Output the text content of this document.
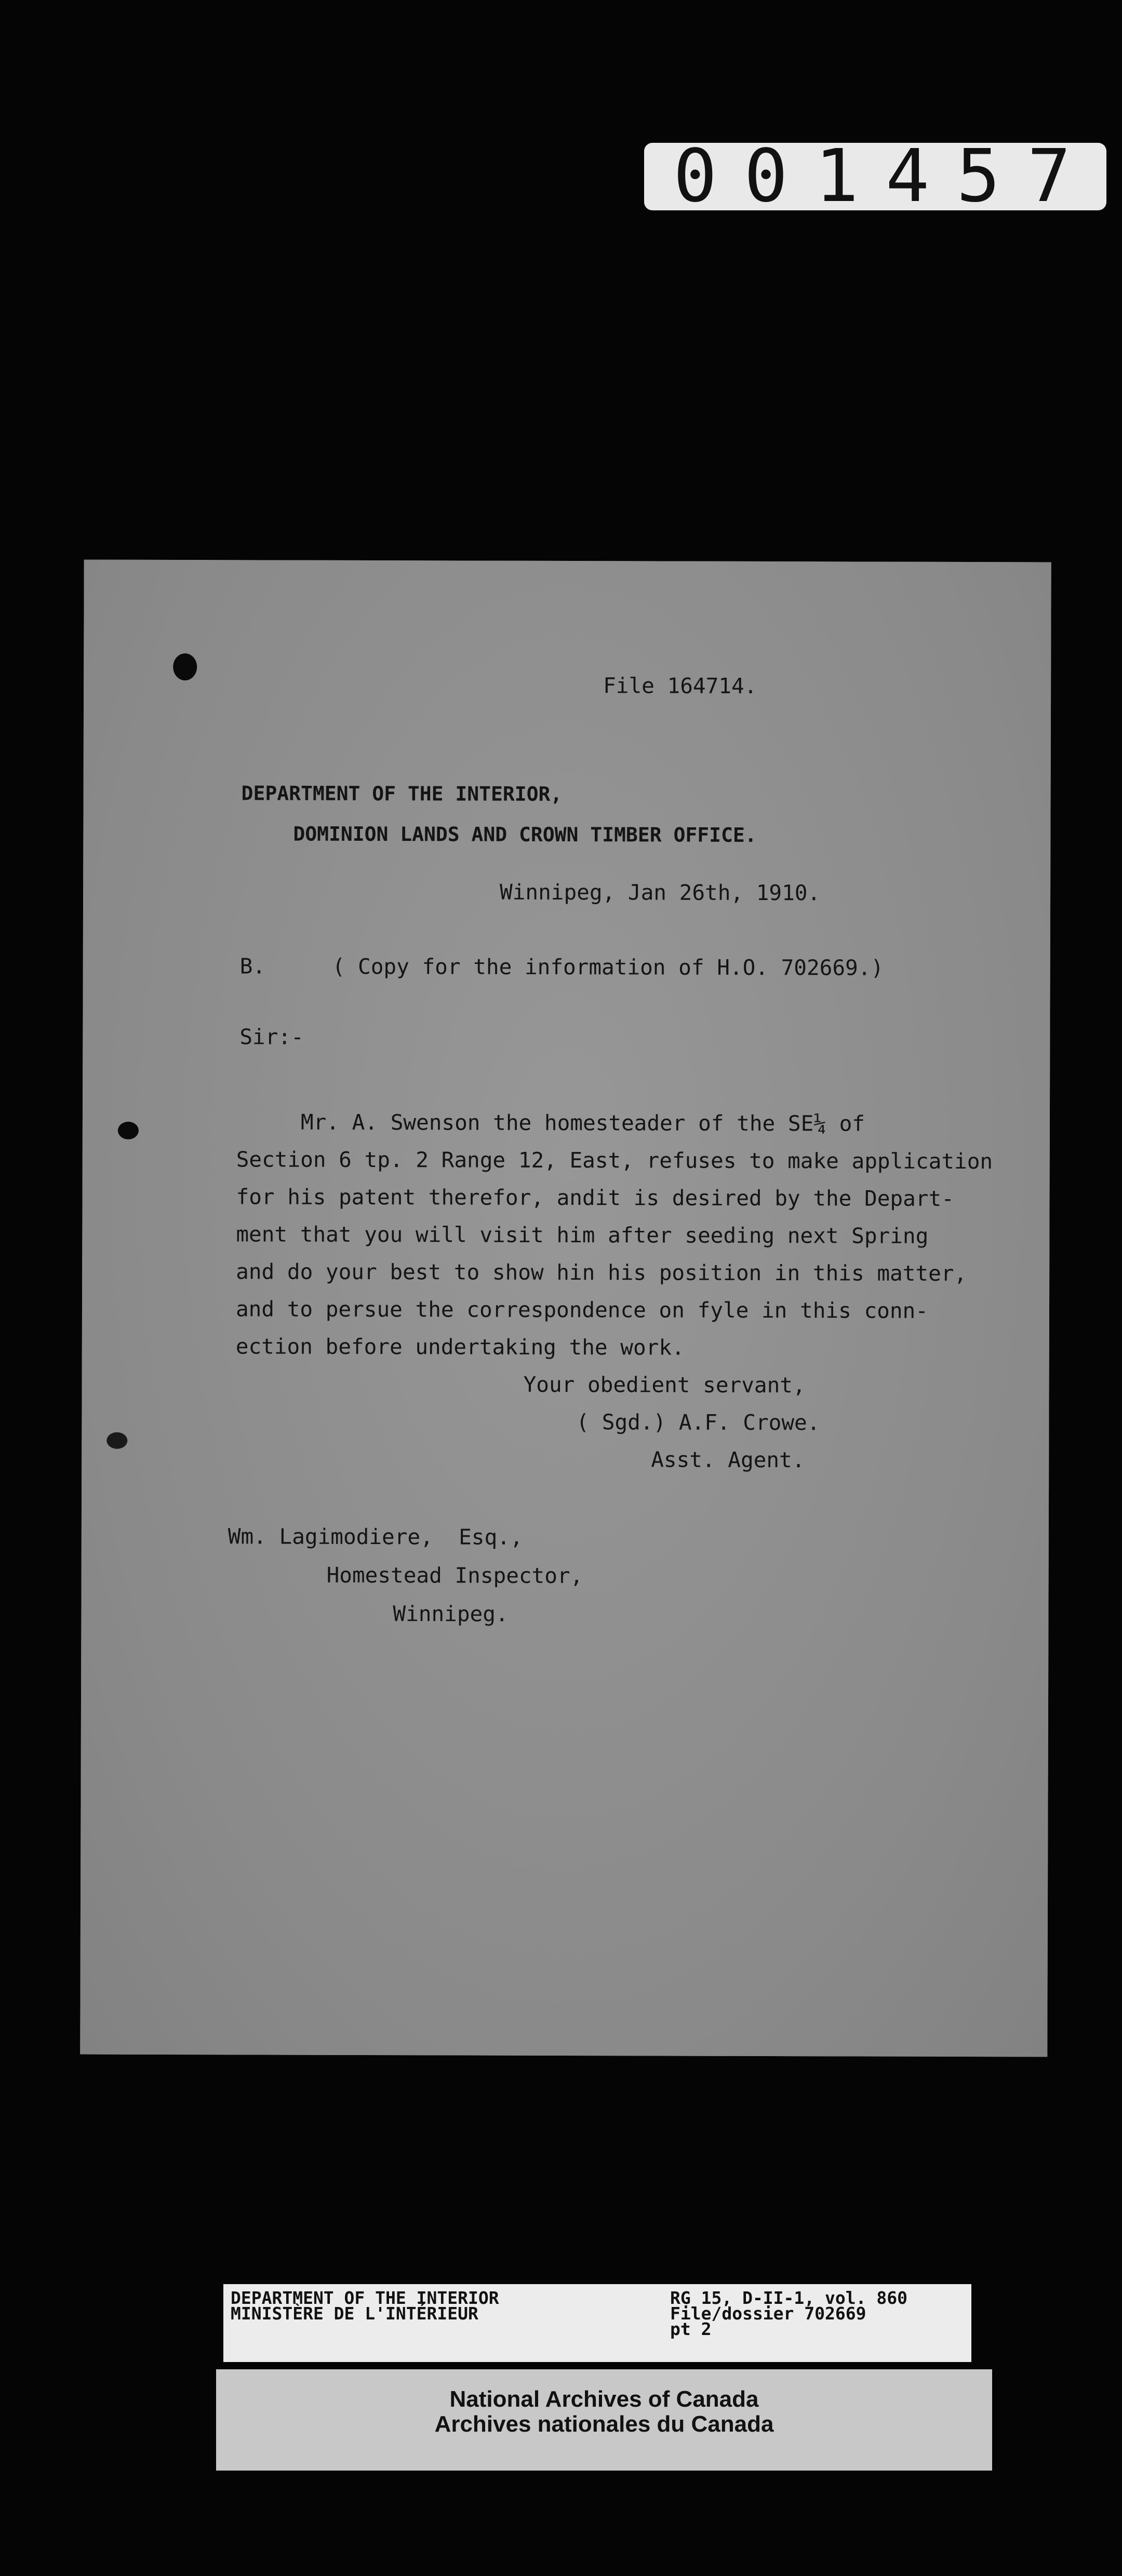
001457
File 164714.
DEPARTMENT OF THE INTERIOR,
DOMINION LANDS AND CROWN TIMBER OFFICE.
Winnipeg, Jan 26th, 1910.
B.	( Copy for the information of H.O. 702669.)
Sir:-
Mr. A. Swenson the homesteader of the SE¼ of
Section 6 tp. 2 Range 12, East, refuses to make application
for his patent therefor, andit is desired by the Depart-
ment that you will visit him after seeding next Spring
and do your best to show hin his position in this matter,
and to persue the correspondence on fyle in this conn-
ection before undertaking the work.
Your obedient servant,
( Sgd.) A.F. Crowe.
Asst. Agent.
Wm. Lagimodiere,  Esq.,
Homestead Inspector,
Winnipeg.
DEPARTMENT OF THE INTERIOR
MINISTÈRE DE L'INTÉRIEUR
RG 15, D-II-1, vol. 860
File/dossier 702669
pt 2
National Archives of Canada
Archives nationales du Canada
